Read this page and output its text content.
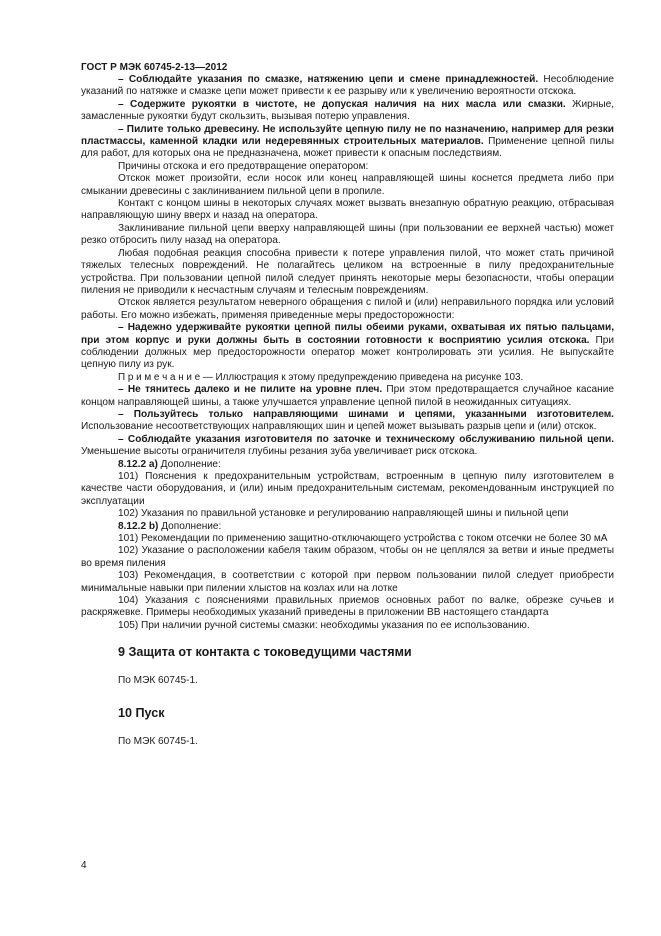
ГОСТ Р МЭК 60745-2-13—2012

– Соблюдайте указания по смазке, натяжению цепи и смене принадлежностей. Несоблюдение указаний по натяжке и смазке цепи может привести к ее разрыву или к увеличению вероятности отскока.

– Содержите рукоятки в чистоте, не допуская наличия на них масла или смазки. Жирные, замасленные рукоятки будут скользить, вызывая потерю управления.

– Пилите только древесину. Не используйте цепную пилу не по назначению, например для резки пластмассы, каменной кладки или недеревянных строительных материалов. Применение цепной пилы для работ, для которых она не предназначена, может привести к опасным последствиям.

Причины отскока и его предотвращение оператором:

Отскок может произойти, если носок или конец направляющей шины коснется предмета либо при смыкании древесины с заклиниванием пильной цепи в пропиле.

Контакт с концом шины в некоторых случаях может вызвать внезапную обратную реакцию, отбрасывая направляющую шину вверх и назад на оператора.

Заклинивание пильной цепи вверху направляющей шины (при пользовании ее верхней частью) может резко отбросить пилу назад на оператора.

Любая подобная реакция способна привести к потере управления пилой, что может стать причиной тяжелых телесных повреждений. Не полагайтесь целиком на встроенные в пилу предохранительные устройства. При пользовании цепной пилой следует принять некоторые меры безопасности, чтобы операции пиления не приводили к несчастным случаям и телесным повреждениям.

Отскок является результатом неверного обращения с пилой и (или) неправильного порядка или условий работы. Его можно избежать, применяя приведенные меры предосторожности:

– Надежно удерживайте рукоятки цепной пилы обеими руками, охватывая их пятью пальцами, при этом корпус и руки должны быть в состоянии готовности к восприятию усилия отскока. При соблюдении должных мер предосторожности оператор может контролировать эти усилия. Не выпускайте цепную пилу из рук.

П р и м е ч а н и е — Иллюстрация к этому предупреждению приведена на рисунке 103.

– Не тянитесь далеко и не пилите на уровне плеч. При этом предотвращается случайное касание концом направляющей шины, а также улучшается управление цепной пилой в неожиданных ситуациях.

– Пользуйтесь только направляющими шинами и цепями, указанными изготовителем. Использование несоответствующих направляющих шин и цепей может вызывать разрыв цепи и (или) отскок.

– Соблюдайте указания изготовителя по заточке и техническому обслуживанию пильной цепи. Уменьшение высоты ограничителя глубины резания зуба увеличивает риск отскока.

8.12.2 a) Дополнение:

101) Пояснения к предохранительным устройствам, встроенным в цепную пилу изготовителем в качестве части оборудования, и (или) иным предохранительным системам, рекомендованным инструкцией по эксплуатации

102) Указания по правильной установке и регулированию направляющей шины и пильной цепи

8.12.2 b) Дополнение:

101) Рекомендации по применению защитно-отключающего устройства с током отсечки не более 30 мА

102) Указание о расположении кабеля таким образом, чтобы он не цеплялся за ветви и иные предметы во время пиления

103) Рекомендация, в соответствии с которой при первом пользовании пилой следует приобрести минимальные навыки при пилении хлыстов на козлах или на лотке

104) Указания с пояснениями правильных приемов основных работ по валке, обрезке сучьев и раскряжевке. Примеры необходимых указаний приведены в приложении ВВ настоящего стандарта

105) При наличии ручной системы смазки: необходимы указания по ее использованию.

9 Защита от контакта с токоведущими частями

По МЭК 60745-1.

10 Пуск

По МЭК 60745-1.

4
